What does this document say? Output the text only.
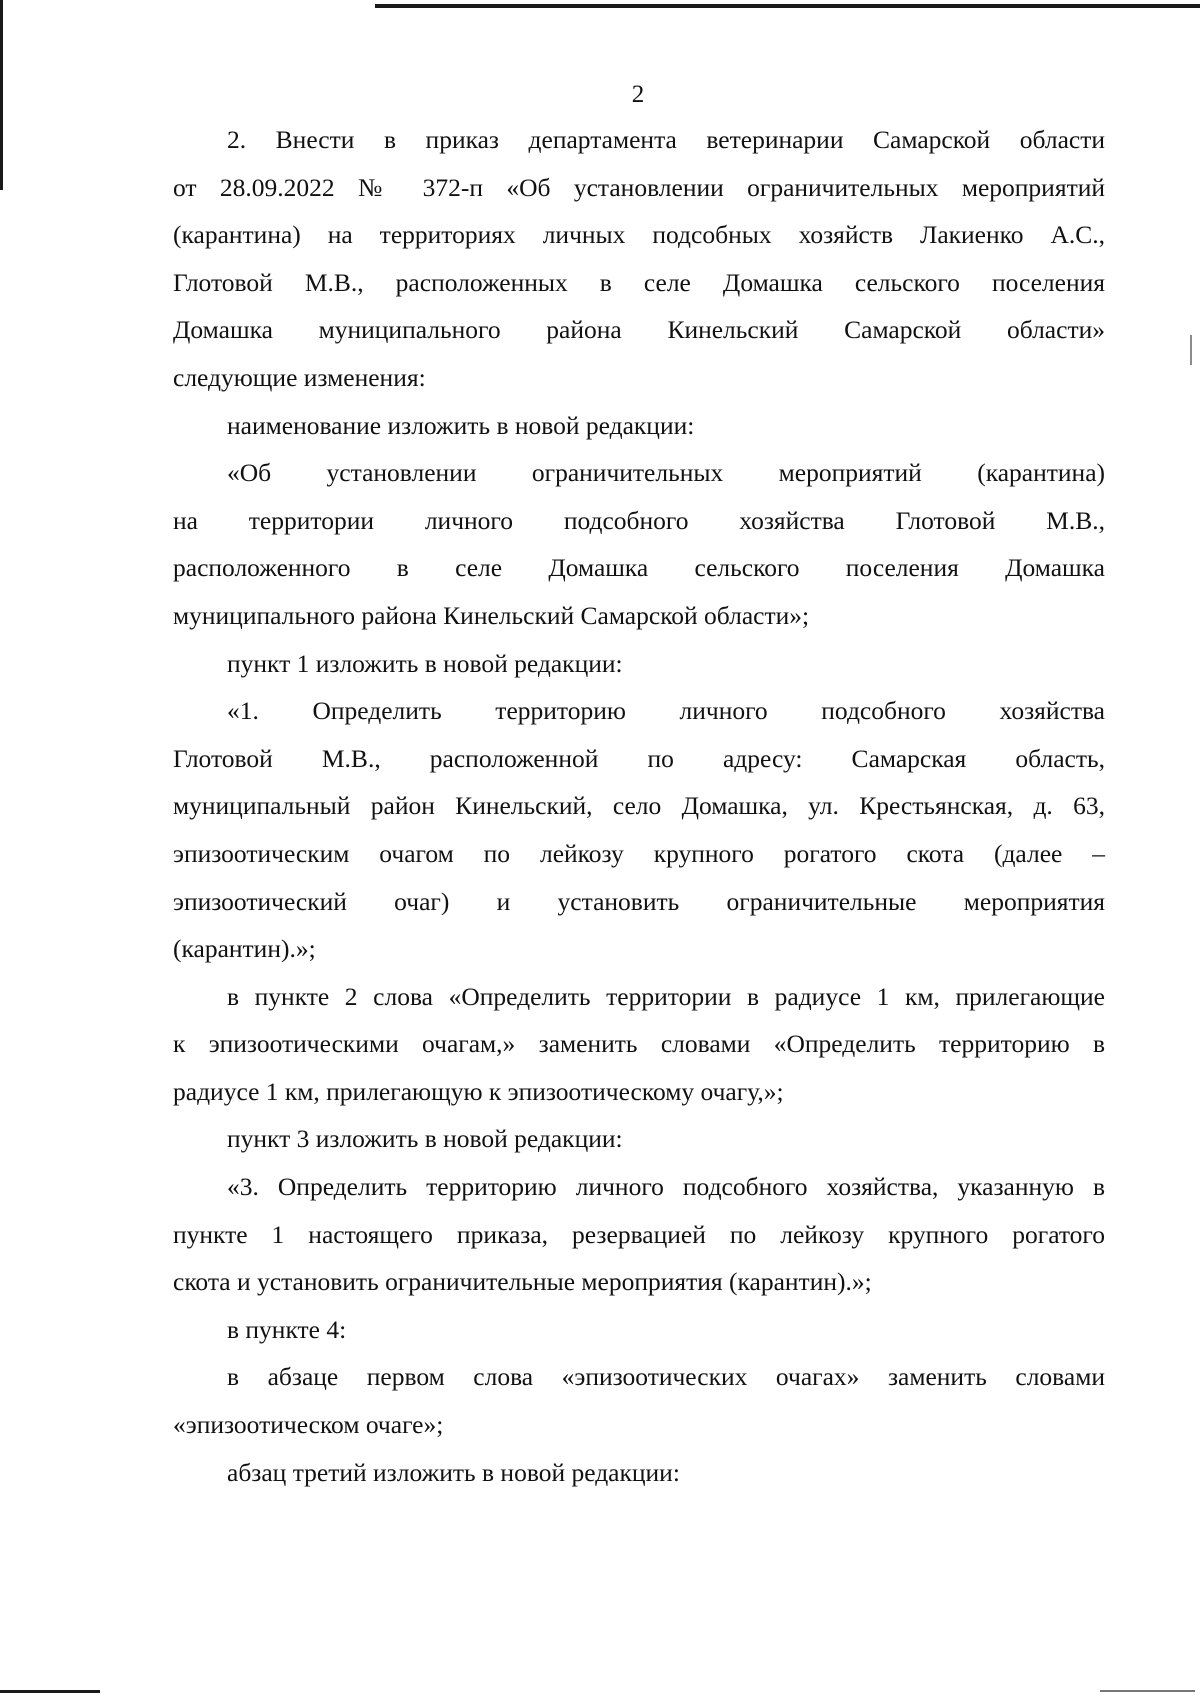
2

2. Внести в приказ департамента ветеринарии Самарской области

от 28.09.2022 № 372-п «Об установлении ограничительных мероприятий

(карантина) на территориях личных подсобных хозяйств Лакиенко А.С.,

Глотовой М.В., расположенных в селе Домашка сельского поселения

Домашка муниципального района Кинельский Самарской области»

следующие изменения:

наименование изложить в новой редакции:

«Об установлении ограничительных мероприятий (карантина)

на территории личного подсобного хозяйства Глотовой М.В.,

расположенного в селе Домашка сельского поселения Домашка

муниципального района Кинельский Самарской области»;

пункт 1 изложить в новой редакции:

«1. Определить территорию личного подсобного хозяйства

Глотовой М.В., расположенной по адресу: Самарская область,

муниципальный район Кинельский, село Домашка, ул. Крестьянская, д. 63,

эпизоотическим очагом по лейкозу крупного рогатого скота (далее –

эпизоотический очаг) и установить ограничительные мероприятия

(карантин).»;

в пункте 2 слова «Определить территории в радиусе 1 км, прилегающие

к эпизоотическими очагам,» заменить словами «Определить территорию в

радиусе 1 км, прилегающую к эпизоотическому очагу,»;

пункт 3 изложить в новой редакции:

«3. Определить территорию личного подсобного хозяйства, указанную в

пункте 1 настоящего приказа, резервацией по лейкозу крупного рогатого

скота и установить ограничительные мероприятия (карантин).»;

в пункте 4:

в абзаце первом слова «эпизоотических очагах» заменить словами

«эпизоотическом очаге»;

абзац третий изложить в новой редакции:
